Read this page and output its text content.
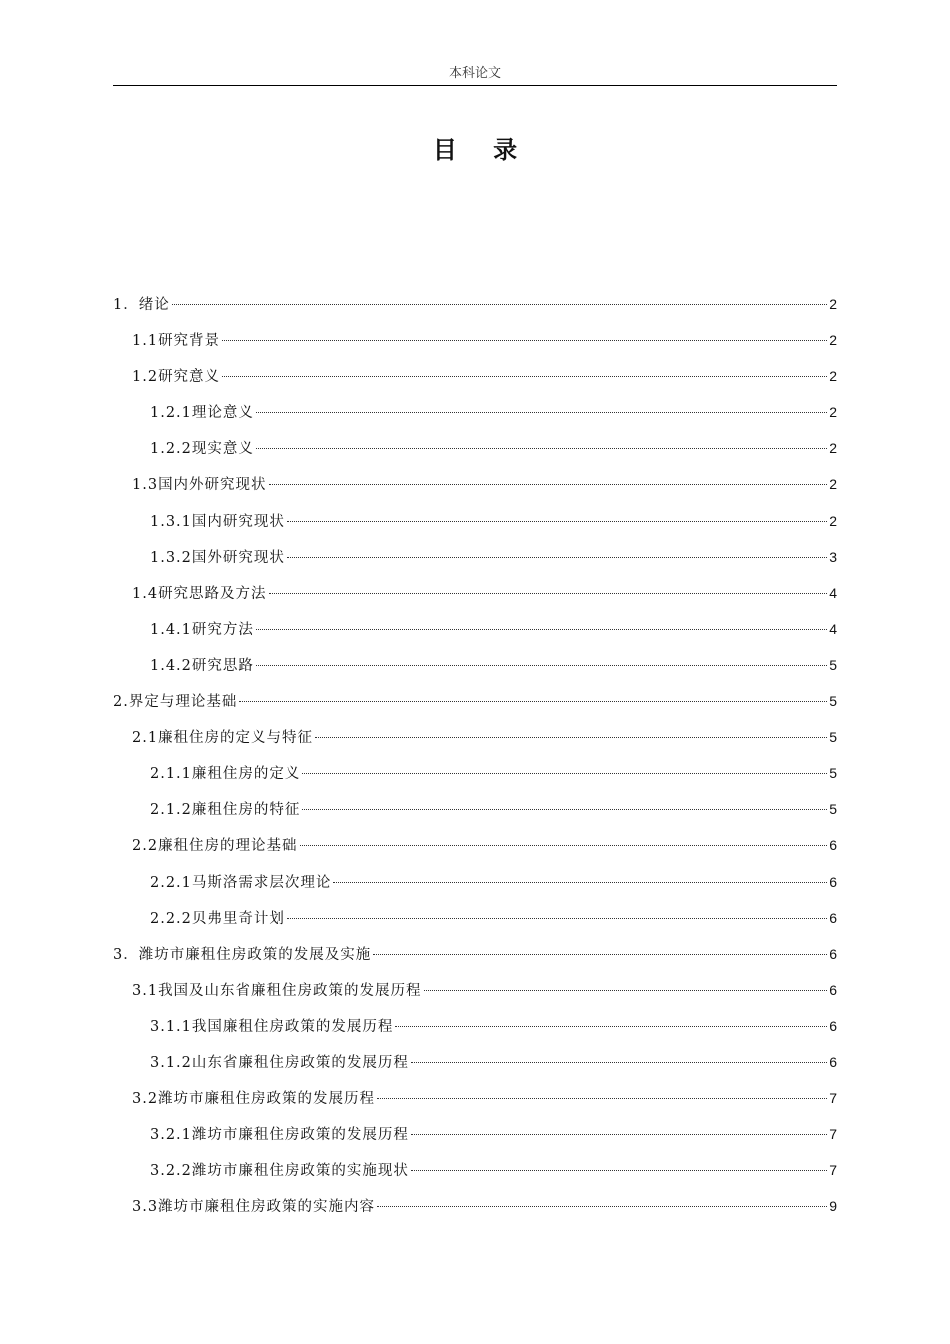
本科论文
目 录
1． 绪论	2
1.1 研究背景	2
1.2 研究意义	2
1.2.1 理论意义	2
1.2.2 现实意义	2
1.3 国内外研究现状	2
1.3.1 国内研究现状	2
1.3.2 国外研究现状	3
1.4 研究思路及方法	4
1.4.1 研究方法	4
1.4.2 研究思路	5
2. 界定与理论基础	5
2.1 廉租住房的定义与特征	5
2.1.1 廉租住房的定义	5
2.1.2 廉租住房的特征	5
2.2 廉租住房的理论基础	6
2.2.1 马斯洛需求层次理论	6
2.2.2 贝弗里奇计划	6
3． 潍坊市廉租住房政策的发展及实施	6
3.1 我国及山东省廉租住房政策的发展历程	6
3.1.1 我国廉租住房政策的发展历程	6
3.1.2 山东省廉租住房政策的发展历程	6
3.2 潍坊市廉租住房政策的发展历程	7
3.2.1 潍坊市廉租住房政策的发展历程	7
3.2.2 潍坊市廉租住房政策的实施现状	7
3.3 潍坊市廉租住房政策的实施内容	9
